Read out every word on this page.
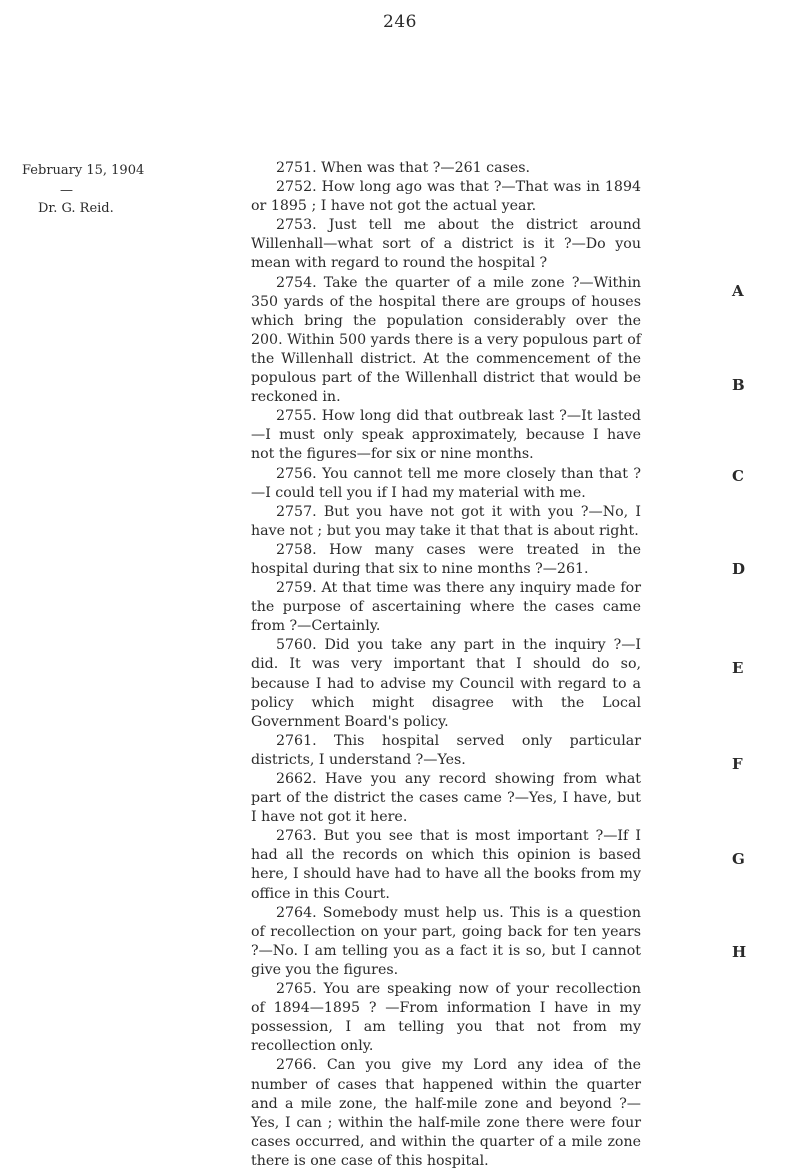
246
February 15, 1904
—
Dr. G. Reid.

2751. When was that ?—261 cases.

2752. How long ago was that ?—That was in 1894 or 1895 ; I have not got the actual year.

2753. Just tell me about the district around Willenhall—what sort of a district is it ?—Do you mean with regard to round the hospital ?

2754. Take the quarter of a mile zone ?—Within 350 yards of the hospital there are groups of houses which bring the population considerably over the 200. Within 500 yards there is a very populous part of the Willenhall district. At the commencement of the populous part of the Willenhall district that would be reckoned in.

2755. How long did that outbreak last ?—It lasted—I must only speak approximately, because I have not the figures—for six or nine months.

2756. You cannot tell me more closely than that ?—I could tell you if I had my material with me.

2757. But you have not got it with you ?—No, I have not ; but you may take it that that is about right.

2758. How many cases were treated in the hospital during that six to nine months ?—261.

2759. At that time was there any inquiry made for the purpose of ascertaining where the cases came from ?—Certainly.

5760. Did you take any part in the inquiry ?—I did. It was very important that I should do so, because I had to advise my Council with regard to a policy which might disagree with the Local Government Board's policy.

2761. This hospital served only particular districts, I understand ?—Yes.

2662. Have you any record showing from what part of the district the cases came ?—Yes, I have, but I have not got it here.

2763. But you see that is most important ?—If I had all the records on which this opinion is based here, I should have had to have all the books from my office in this Court.

2764. Somebody must help us. This is a question of recollection on your part, going back for ten years ?—No. I am telling you as a fact it is so, but I cannot give you the figures.

2765. You are speaking now of your recollection of 1894—1895 ? —From information I have in my possession, I am telling you that not from my recollection only.

2766. Can you give my Lord any idea of the number of cases that happened within the quarter and a mile zone, the half-mile zone and beyond ?—Yes, I can ; within the half-mile zone there were four cases occurred, and within the quarter of a mile zone there is one case of this hospital.

A
B
C
D
E
F
G
H
